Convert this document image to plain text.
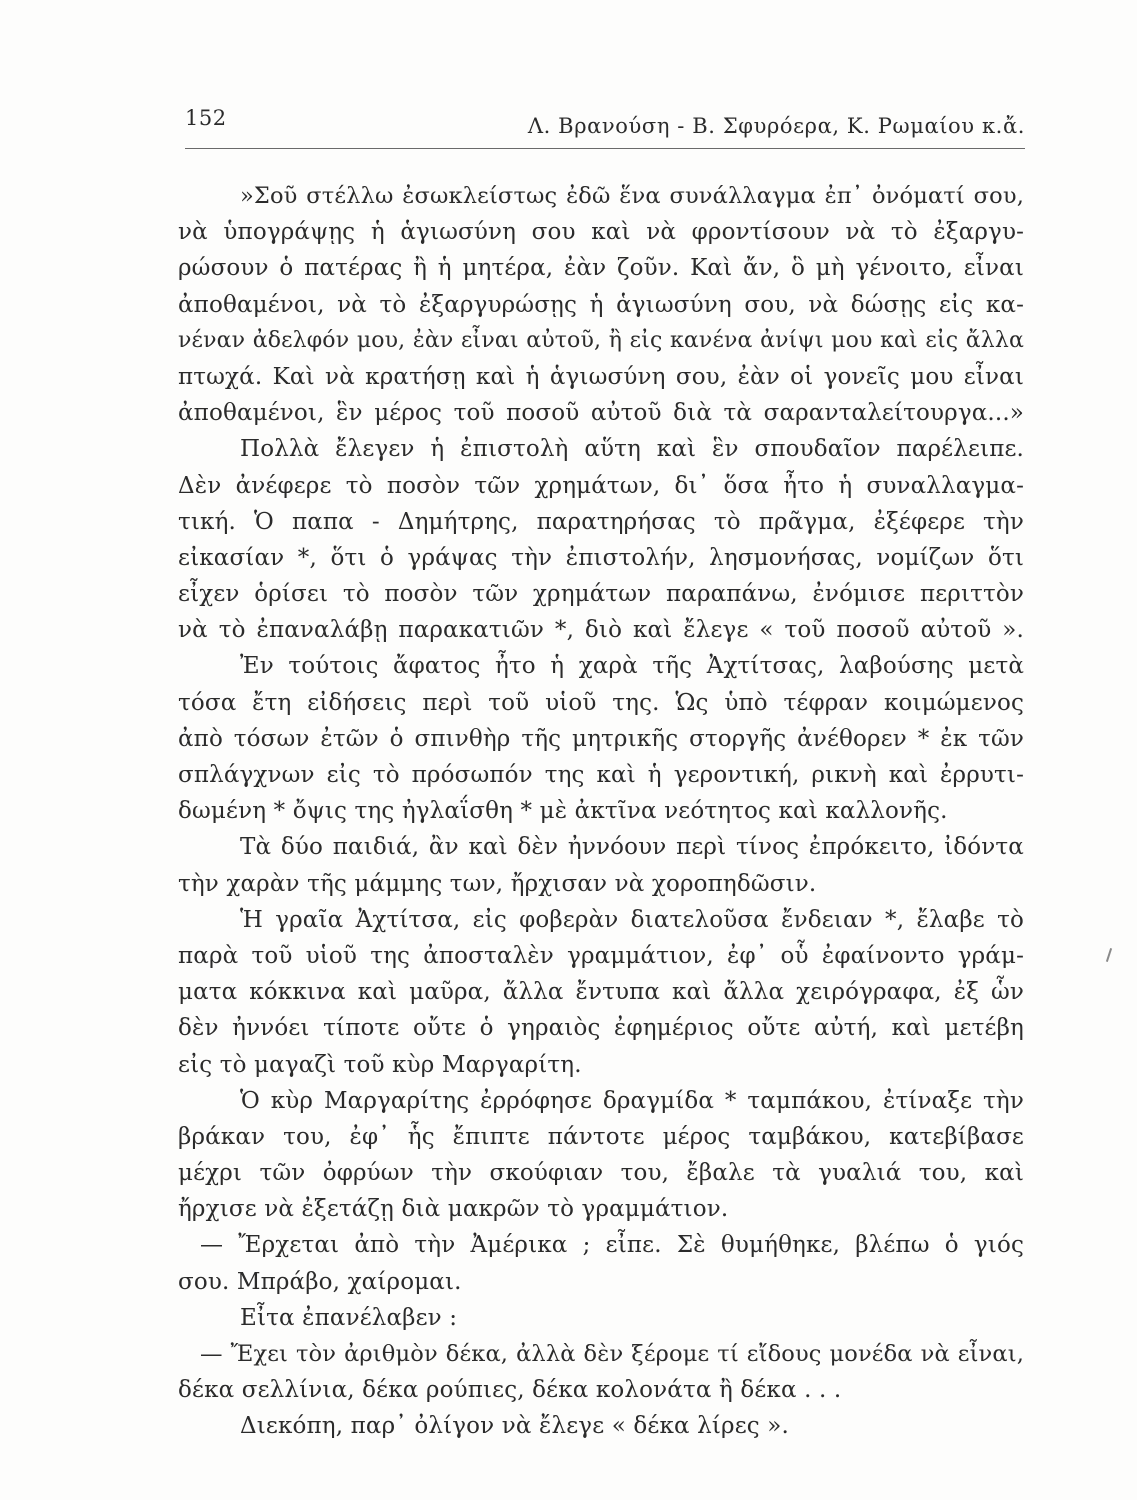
152	Λ. Βρανούση - Β. Σφυρόερα, Κ. Ρωμαίου κ.ἄ.
»Σοῦ στέλλω ἐσωκλείστως ἐδῶ ἕνα συνάλλαγμα ἐπ᾽ ὀνόματί σου,
νὰ ὑπογράψῃς ἡ ἁγιωσύνη σου καὶ νὰ φροντίσουν νὰ τὸ ἐξαργυ-
ρώσουν ὁ πατέρας ἢ ἡ μητέρα, ἐὰν ζοῦν. Καὶ ἄν, ὃ μὴ γένοιτο, εἶναι
ἀποθαμένοι, νὰ τὸ ἐξαργυρώσῃς ἡ ἁγιωσύνη σου, νὰ δώσῃς εἰς κα-
νέναν ἀδελφόν μου, ἐὰν εἶναι αὐτοῦ, ἢ εἰς κανένα ἀνίψι μου καὶ εἰς ἄλλα
πτωχά. Καὶ νὰ κρατήσῃ καὶ ἡ ἁγιωσύνη σου, ἐὰν οἱ γονεῖς μου εἶναι
ἀποθαμένοι, ἓν μέρος τοῦ ποσοῦ αὐτοῦ διὰ τὰ σαρανταλείτουργα...»
Πολλὰ ἔλεγεν ἡ ἐπιστολὴ αὕτη καὶ ἓν σπουδαῖον παρέλειπε.
Δὲν ἀνέφερε τὸ ποσὸν τῶν χρημάτων, δι᾽ ὅσα ἦτο ἡ συναλλαγμα-
τική. Ὁ παπα - Δημήτρης, παρατηρήσας τὸ πρᾶγμα, ἐξέφερε τὴν
εἰκασίαν *, ὅτι ὁ γράψας τὴν ἐπιστολήν, λησμονήσας, νομίζων ὅτι
εἶχεν ὁρίσει τὸ ποσὸν τῶν χρημάτων παραπάνω, ἐνόμισε περιττὸν
νὰ τὸ ἐπαναλάβῃ παρακατιῶν *, διὸ καὶ ἔλεγε « τοῦ ποσοῦ αὐτοῦ ».
Ἐν τούτοις ἄφατος ἦτο ἡ χαρὰ τῆς Ἀχτίτσας, λαβούσης μετὰ
τόσα ἔτη εἰδήσεις περὶ τοῦ υἱοῦ της. Ὡς ὑπὸ τέφραν κοιμώμενος
ἀπὸ τόσων ἐτῶν ὁ σπινθὴρ τῆς μητρικῆς στοργῆς ἀνέθορεν * ἐκ τῶν
σπλάγχνων εἰς τὸ πρόσωπόν της καὶ ἡ γεροντική, ρικνὴ καὶ ἐρρυτι-
δωμένη * ὄψις της ἠγλαΐσθη * μὲ ἀκτῖνα νεότητος καὶ καλλονῆς.
Τὰ δύο παιδιά, ἂν καὶ δὲν ἠννόουν περὶ τίνος ἐπρόκειτο, ἰδόντα
τὴν χαρὰν τῆς μάμμης των, ἤρχισαν νὰ χοροπηδῶσιν.
Ἡ γραῖα Ἀχτίτσα, εἰς φοβερὰν διατελοῦσα ἔνδειαν *, ἔλαβε τὸ
παρὰ τοῦ υἱοῦ της ἀποσταλὲν γραμμάτιον, ἐφ᾽ οὗ ἐφαίνοντο γράμ-
ματα κόκκινα καὶ μαῦρα, ἄλλα ἔντυπα καὶ ἄλλα χειρόγραφα, ἐξ ὧν
δὲν ἠννόει τίποτε οὔτε ὁ γηραιὸς ἐφημέριος οὔτε αὐτή, καὶ μετέβη
εἰς τὸ μαγαζὶ τοῦ κὺρ Μαργαρίτη.
Ὁ κὺρ Μαργαρίτης ἐρρόφησε δραγμίδα * ταμπάκου, ἐτίναξε τὴν
βράκαν του, ἐφ᾽ ἧς ἔπιπτε πάντοτε μέρος ταμβάκου, κατεβίβασε
μέχρι τῶν ὀφρύων τὴν σκούφιαν του, ἔβαλε τὰ γυαλιά του, καὶ
ἤρχισε νὰ ἐξετάζῃ διὰ μακρῶν τὸ γραμμάτιον.
— Ἔρχεται ἀπὸ τὴν Ἀμέρικα ; εἶπε. Σὲ θυμήθηκε, βλέπω ὁ γιός
σου. Μπράβο, χαίρομαι.
Εἶτα ἐπανέλαβεν :
— Ἔχει τὸν ἀριθμὸν δέκα, ἀλλὰ δὲν ξέρομε τί εἴδους μονέδα νὰ εἶναι,
δέκα σελλίνια, δέκα ρούπιες, δέκα κολονάτα ἢ δέκα . . .
Διεκόπη, παρ᾽ ὀλίγον νὰ ἔλεγε « δέκα λίρες ».
